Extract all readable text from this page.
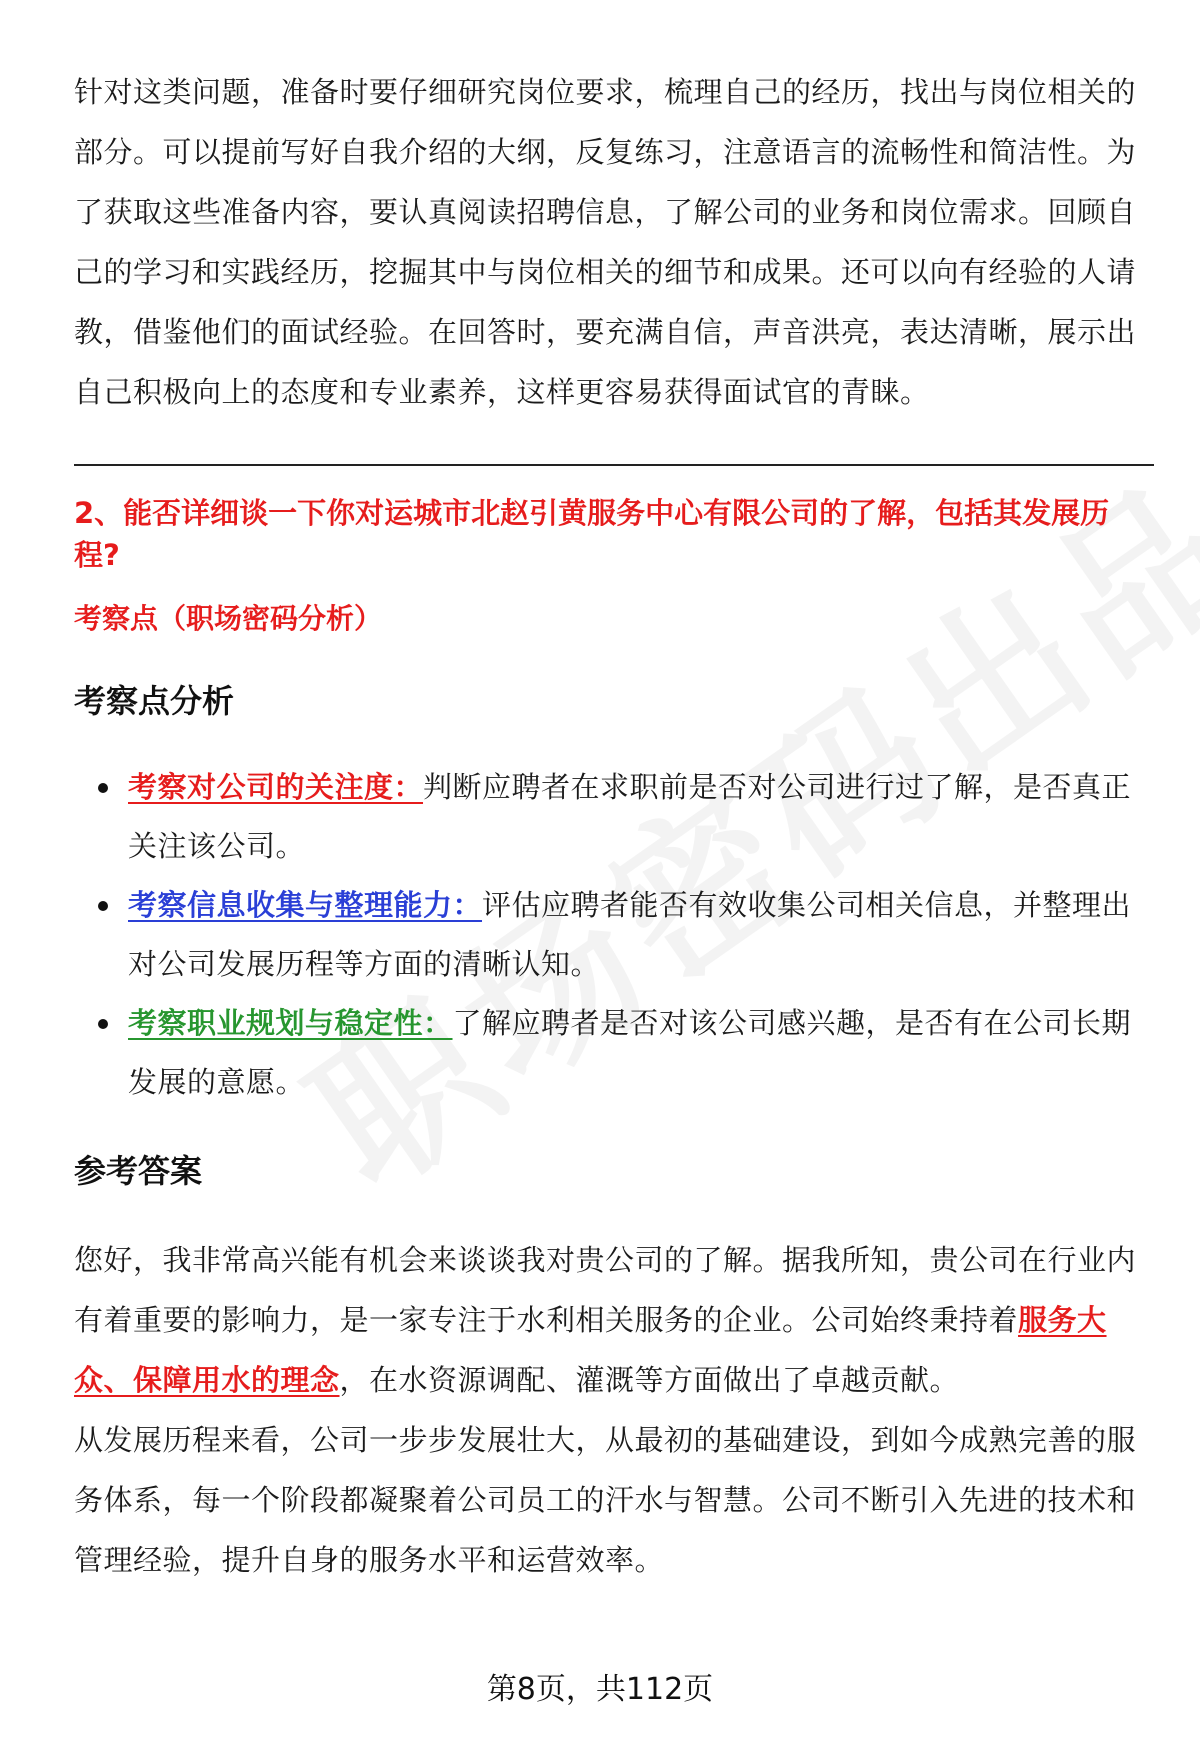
针对这类问题，准备时要仔细研究岗位要求，梳理自己的经历，找出与岗位相关的部分。可以提前写好自我介绍的大纲，反复练习，注意语言的流畅性和简洁性。为了获取这些准备内容，要认真阅读招聘信息，了解公司的业务和岗位需求。回顾自己的学习和实践经历，挖掘其中与岗位相关的细节和成果。还可以向有经验的人请教，借鉴他们的面试经验。在回答时，要充满自信，声音洪亮，表达清晰，展示出自己积极向上的态度和专业素养，这样更容易获得面试官的青睐。

2、能否详细谈一下你对运城市北赵引黄服务中心有限公司的了解，包括其发展历程?
考察点（职场密码分析）
考察点分析
考察对公司的关注度：判断应聘者在求职前是否对公司进行过了解，是否真正关注该公司。
考察信息收集与整理能力：评估应聘者能否有效收集公司相关信息，并整理出对公司发展历程等方面的清晰认知。
考察职业规划与稳定性：了解应聘者是否对该公司感兴趣，是否有在公司长期发展的意愿。
参考答案

您好，我非常高兴能有机会来谈谈我对贵公司的了解。据我所知，贵公司在行业内有着重要的影响力，是一家专注于水利相关服务的企业。公司始终秉持着服务大众、保障用水的理念，在水资源调配、灌溉等方面做出了卓越贡献。

从发展历程来看，公司一步步发展壮大，从最初的基础建设，到如今成熟完善的服务体系，每一个阶段都凝聚着公司员工的汗水与智慧。公司不断引入先进的技术和管理经验，提升自身的服务水平和运营效率。

第8页，共112页
